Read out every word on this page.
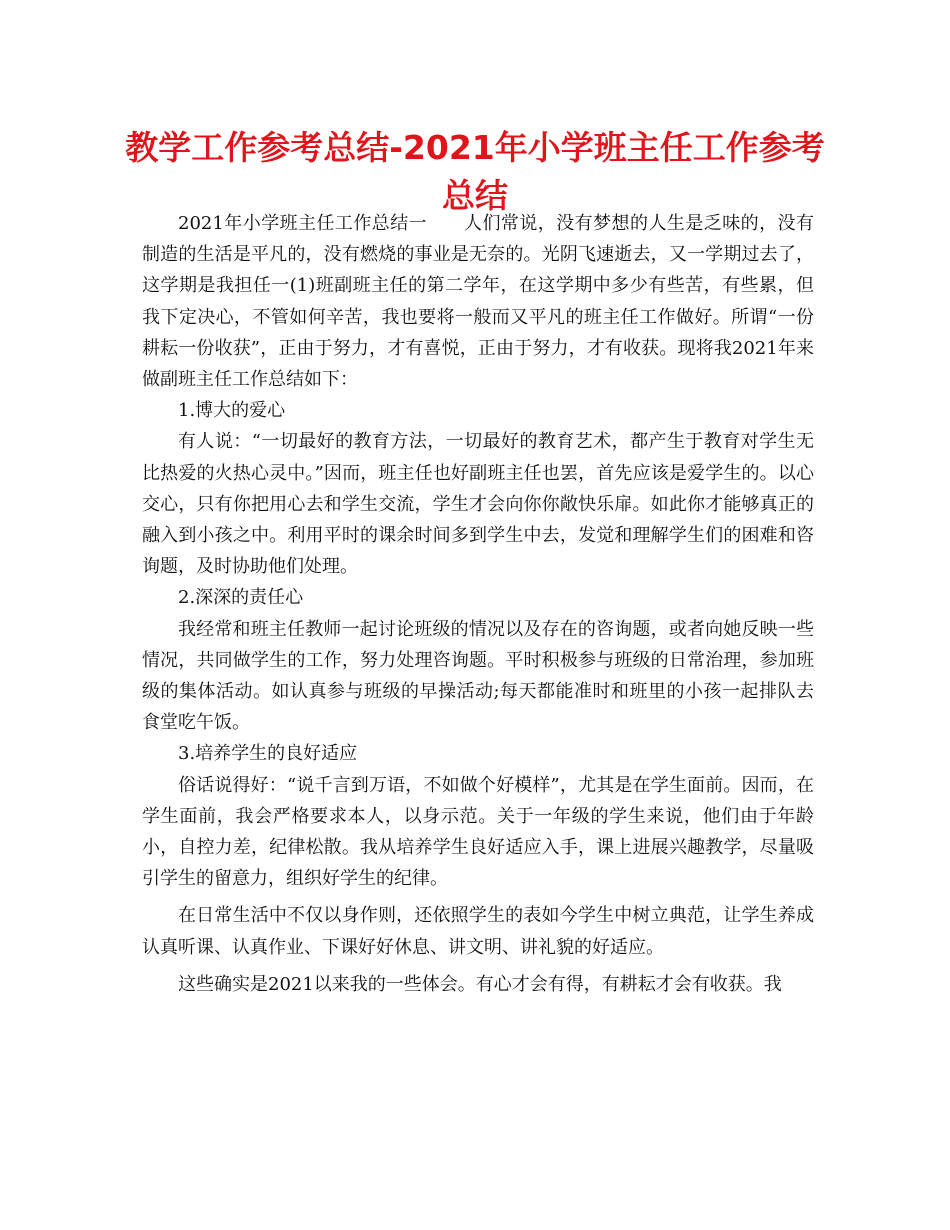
教学工作参考总结-2021年小学班主任工作参考总结

2021年小学班主任工作总结一　　人们常说，没有梦想的人生是乏味的，没有制造的生活是平凡的，没有燃烧的事业是无奈的。光阴飞速逝去，又一学期过去了，这学期是我担任一(1)班副班主任的第二学年，在这学期中多少有些苦，有些累，但我下定决心，不管如何辛苦，我也要将一般而又平凡的班主任工作做好。所谓“一份耕耘一份收获”，正由于努力，才有喜悦，正由于努力，才有收获。现将我2021年来做副班主任工作总结如下：

1.博大的爱心

有人说：“一切最好的教育方法，一切最好的教育艺术，都产生于教育对学生无比热爱的火热心灵中。”因而，班主任也好副班主任也罢，首先应该是爱学生的。以心交心，只有你把用心去和学生交流，学生才会向你你敞快乐扉。如此你才能够真正的融入到小孩之中。利用平时的课余时间多到学生中去，发觉和理解学生们的困难和咨询题，及时协助他们处理。

2.深深的责任心

我经常和班主任教师一起讨论班级的情况以及存在的咨询题，或者向她反映一些情况，共同做学生的工作，努力处理咨询题。平时积极参与班级的日常治理，参加班级的集体活动。如认真参与班级的早操活动;每天都能准时和班里的小孩一起排队去食堂吃午饭。

3.培养学生的良好适应

俗话说得好：“说千言到万语，不如做个好模样”，尤其是在学生面前。因而，在学生面前，我会严格要求本人，以身示范。关于一年级的学生来说，他们由于年龄小，自控力差，纪律松散。我从培养学生良好适应入手，课上进展兴趣教学，尽量吸引学生的留意力，组织好学生的纪律。

在日常生活中不仅以身作则，还依照学生的表如今学生中树立典范，让学生养成认真听课、认真作业、下课好好休息、讲文明、讲礼貌的好适应。

这些确实是2021以来我的一些体会。有心才会有得，有耕耘才会有收获。我
